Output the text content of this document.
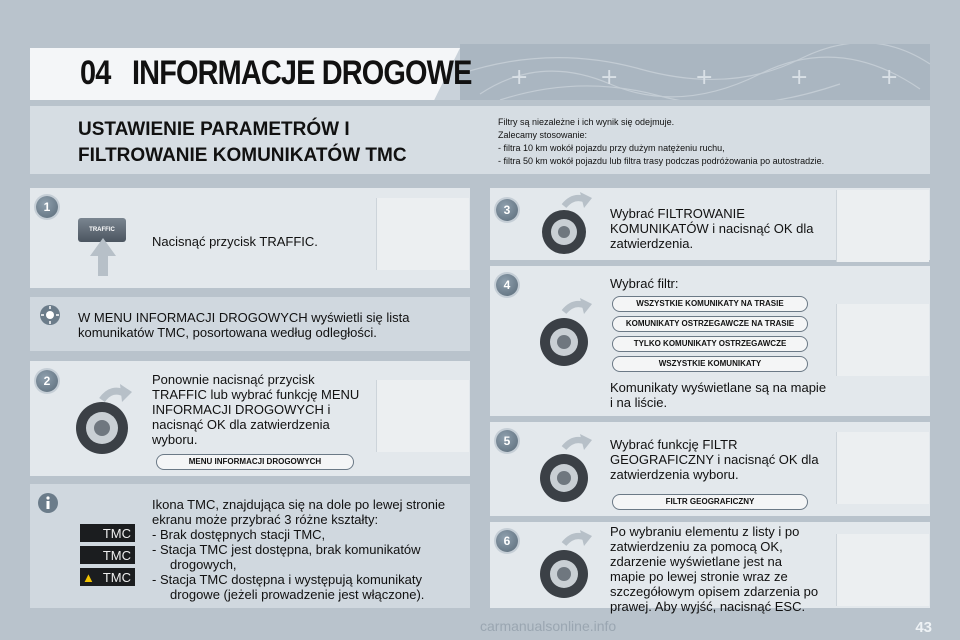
+	+	+	+	+
04 INFORMACJE DROGOWE
USTAWIENIE PARAMETRÓW I
FILTROWANIE KOMUNIKATÓW TMC
Filtry są niezależne i ich wynik się odejmuje.
Zalecamy stosowanie:
- filtra 10 km wokół pojazdu przy dużym natężeniu ruchu,
- filtra 50 km wokół pojazdu lub filtra trasy podczas podróżowania po autostradzie.
1
TRAFFIC
Nacisnąć przycisk TRAFFIC.
W MENU INFORMACJI DROGOWYCH wyświetli się lista
komunikatów TMC, posortowana według odległości.
2	Ponownie nacisnąć przycisk
TRAFFIC lub wybrać funkcję MENU
INFORMACJI DROGOWYCH i
nacisnąć OK dla zatwierdzenia
wyboru.
MENU INFORMACJI DROGOWYCH
TMC
TMC
▲ TMC
Ikona TMC, znajdująca się na dole po lewej stronie
ekranu może przybrać 3 różne kształty:
- Brak dostępnych stacji TMC,
- Stacja TMC jest dostępna, brak komunikatów
drogowych,
- Stacja TMC dostępna i występują komunikaty
drogowe (jeżeli prowadzenie jest włączone).
3	Wybrać FILTROWANIE
KOMUNIKATÓW i nacisnąć OK dla
zatwierdzenia.
4	Wybrać filtr:
WSZYSTKIE KOMUNIKATY NA TRASIE
KOMUNIKATY OSTRZEGAWCZE NA TRASIE
TYLKO KOMUNIKATY OSTRZEGAWCZE
WSZYSTKIE KOMUNIKATY
Komunikaty wyświetlane są na mapie
i na liście.
5	Wybrać funkcję FILTR
GEOGRAFICZNY i nacisnąć OK dla
zatwierdzenia wyboru.
FILTR GEOGRAFICZNY
6
Po wybraniu elementu z listy i po
zatwierdzeniu za pomocą OK,
zdarzenie wyświetlane jest na
mapie po lewej stronie wraz ze
szczegółowym opisem zdarzenia po
prawej. Aby wyjść, nacisnąć ESC.
43
carmanualsonline.info
